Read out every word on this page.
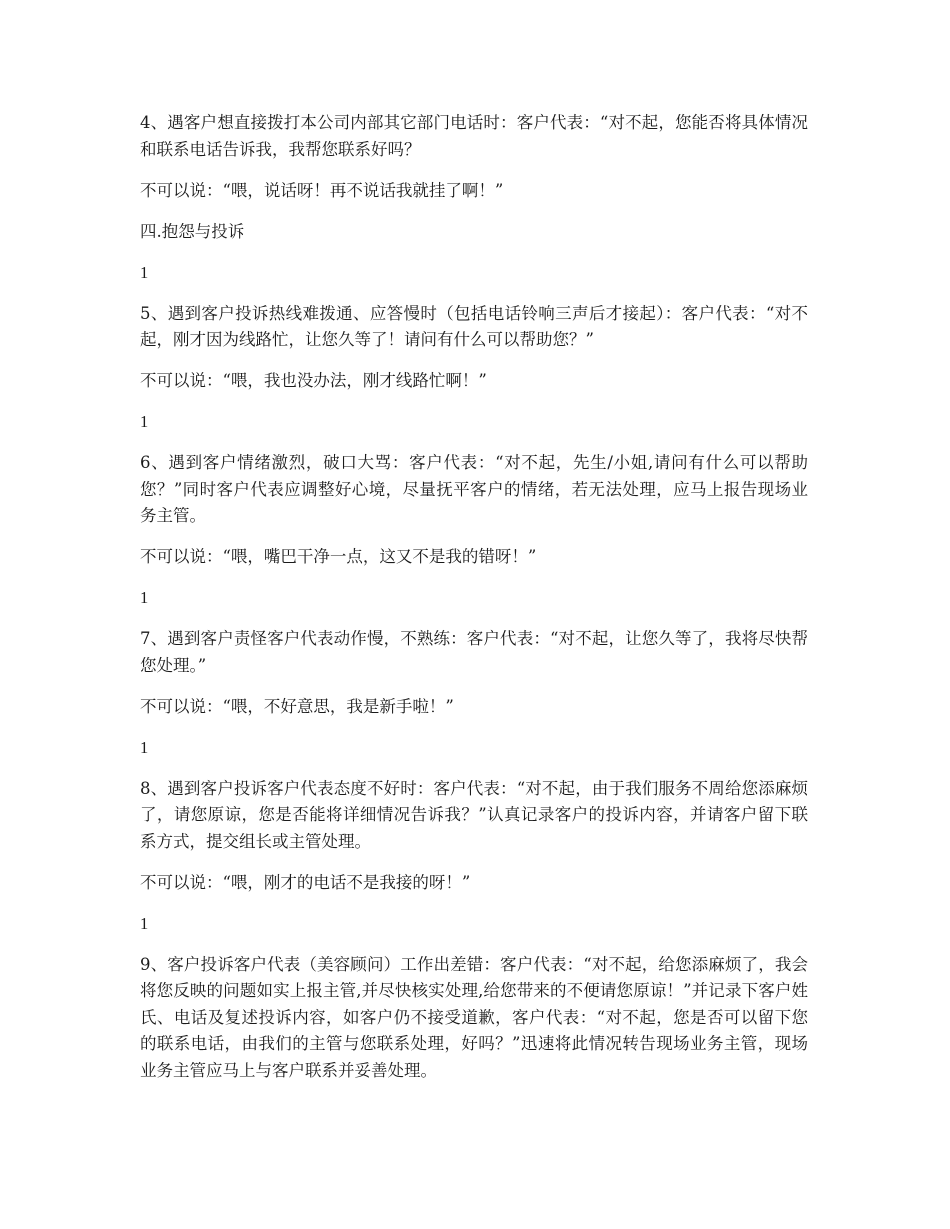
4、遇客户想直接拨打本公司内部其它部门电话时：客户代表：“对不起，您能否将具体情况和联系电话告诉我，我帮您联系好吗？

不可以说：“喂，说话呀！再不说话我就挂了啊！”

四.抱怨与投诉

1

5、遇到客户投诉热线难拨通、应答慢时（包括电话铃响三声后才接起）：客户代表：“对不起，刚才因为线路忙，让您久等了！请问有什么可以帮助您？”

不可以说：“喂，我也没办法，刚才线路忙啊！”

1

6、遇到客户情绪激烈，破口大骂：客户代表：“对不起，先生/小姐,请问有什么可以帮助您？”同时客户代表应调整好心境，尽量抚平客户的情绪，若无法处理，应马上报告现场业务主管。

不可以说：“喂，嘴巴干净一点，这又不是我的错呀！”

1

7、遇到客户责怪客户代表动作慢，不熟练：客户代表：“对不起，让您久等了，我将尽快帮您处理。”

不可以说：“喂，不好意思，我是新手啦！”

1

8、遇到客户投诉客户代表态度不好时：客户代表：“对不起，由于我们服务不周给您添麻烦了，请您原谅，您是否能将详细情况告诉我？”认真记录客户的投诉内容，并请客户留下联系方式，提交组长或主管处理。

不可以说：“喂，刚才的电话不是我接的呀！”

1

9、客户投诉客户代表（美容顾问）工作出差错：客户代表：“对不起，给您添麻烦了，我会将您反映的问题如实上报主管,并尽快核实处理,给您带来的不便请您原谅！”并记录下客户姓氏、电话及复述投诉内容，如客户仍不接受道歉，客户代表：“对不起，您是否可以留下您的联系电话，由我们的主管与您联系处理，好吗？”迅速将此情况转告现场业务主管，现场业务主管应马上与客户联系并妥善处理。
